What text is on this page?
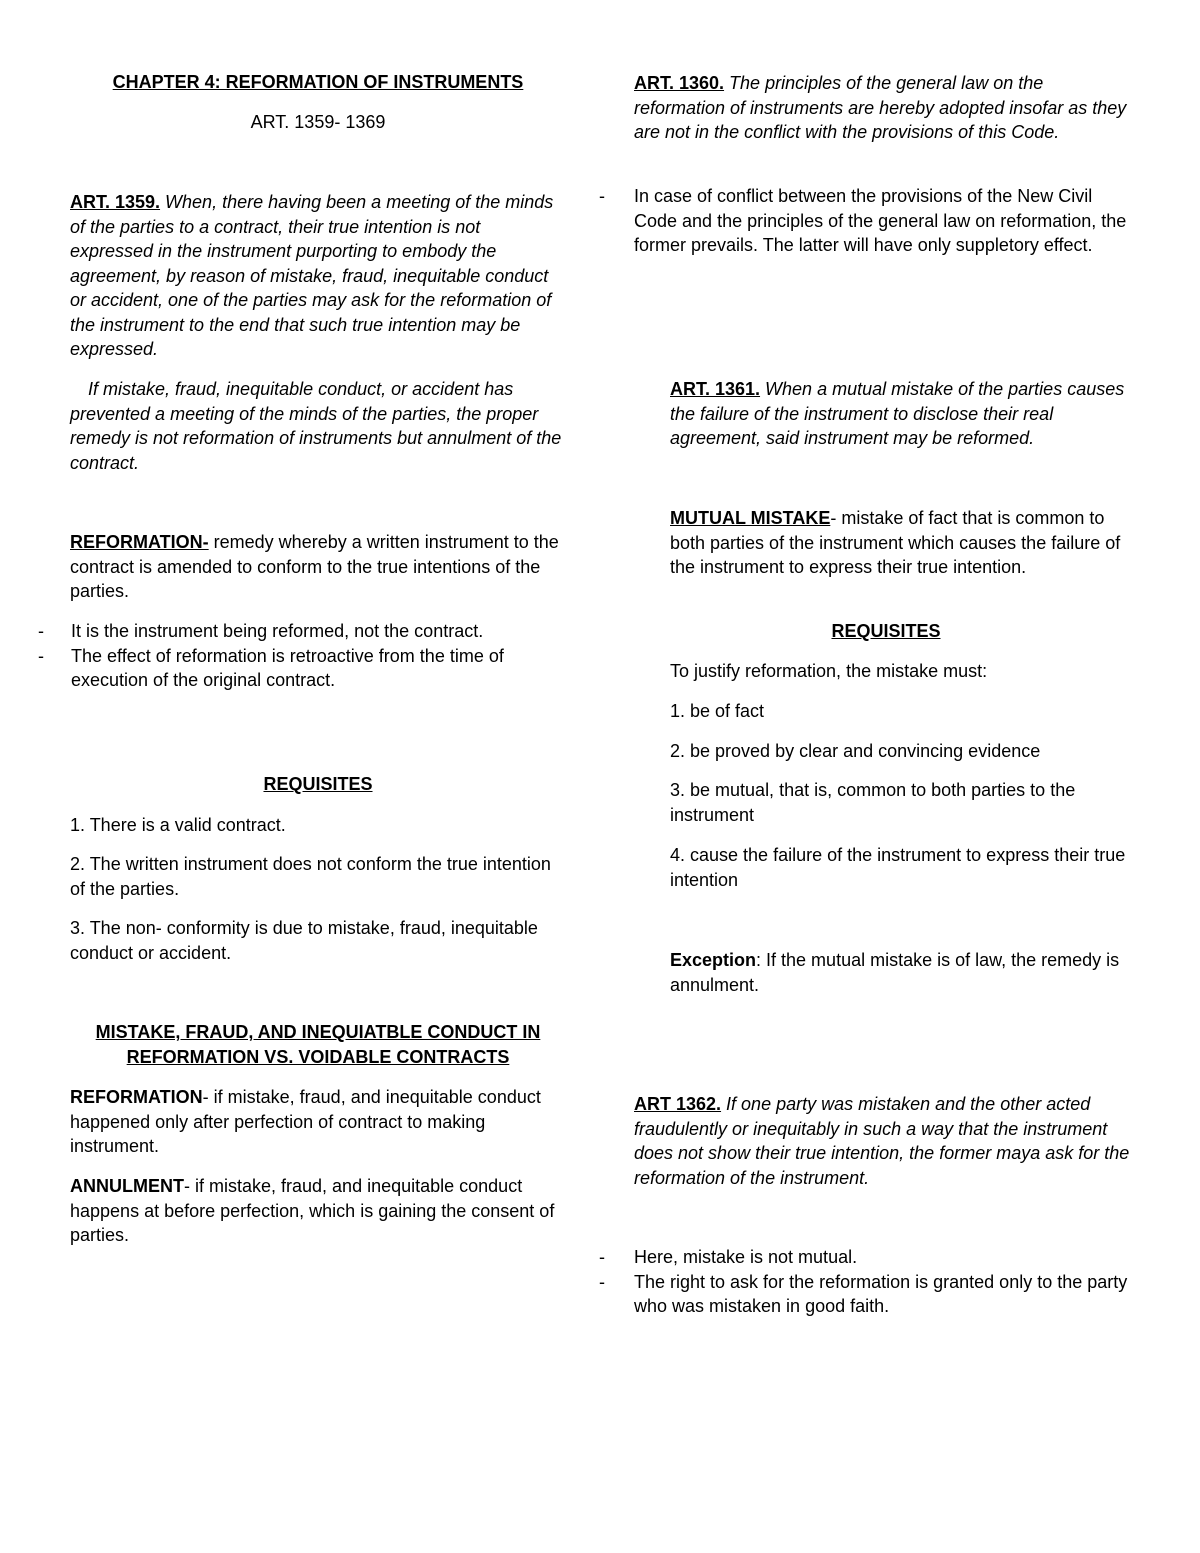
CHAPTER 4: REFORMATION OF INSTRUMENTS

ART. 1359- 1369

ART. 1359. When, there having been a meeting of the minds of the parties to a contract, their true intention is not expressed in the instrument purporting to embody the agreement, by reason of mistake, fraud, inequitable conduct or accident, one of the parties may ask for the reformation of the instrument to the end that such true intention may be expressed.

If mistake, fraud, inequitable conduct, or accident has prevented a meeting of the minds of the parties, the proper remedy is not reformation of instruments but annulment of the contract.

REFORMATION- remedy whereby a written instrument to the contract is amended to conform to the true intentions of the parties.

- It is the instrument being reformed, not the contract.
- The effect of reformation is retroactive from the time of execution of the original contract.

REQUISITES

1. There is a valid contract.

2. The written instrument does not conform the true intention of the parties.

3. The non- conformity is due to mistake, fraud, inequitable conduct or accident.

MISTAKE, FRAUD, AND INEQUIATBLE CONDUCT IN REFORMATION VS. VOIDABLE CONTRACTS

REFORMATION- if mistake, fraud, and inequitable conduct happened only after perfection of contract to making instrument.

ANNULMENT- if mistake, fraud, and inequitable conduct happens at before perfection, which is gaining the consent of parties.

ART. 1360. The principles of the general law on the reformation of instruments are hereby adopted insofar as they are not in the conflict with the provisions of this Code.

- In case of conflict between the provisions of the New Civil Code and the principles of the general law on reformation, the former prevails. The latter will have only suppletory effect.

ART. 1361. When a mutual mistake of the parties causes the failure of the instrument to disclose their real agreement, said instrument may be reformed.

MUTUAL MISTAKE- mistake of fact that is common to both parties of the instrument which causes the failure of the instrument to express their true intention.

REQUISITES

To justify reformation, the mistake must:

1. be of fact

2. be proved by clear and convincing evidence

3. be mutual, that is, common to both parties to the instrument

4. cause the failure of the instrument to express their true intention

Exception: If the mutual mistake is of law, the remedy is annulment.

ART 1362. If one party was mistaken and the other acted fraudulently or inequitably in such a way that the instrument does not show their true intention, the former maya ask for the reformation of the instrument.

- Here, mistake is not mutual.
- The right to ask for the reformation is granted only to the party who was mistaken in good faith.
